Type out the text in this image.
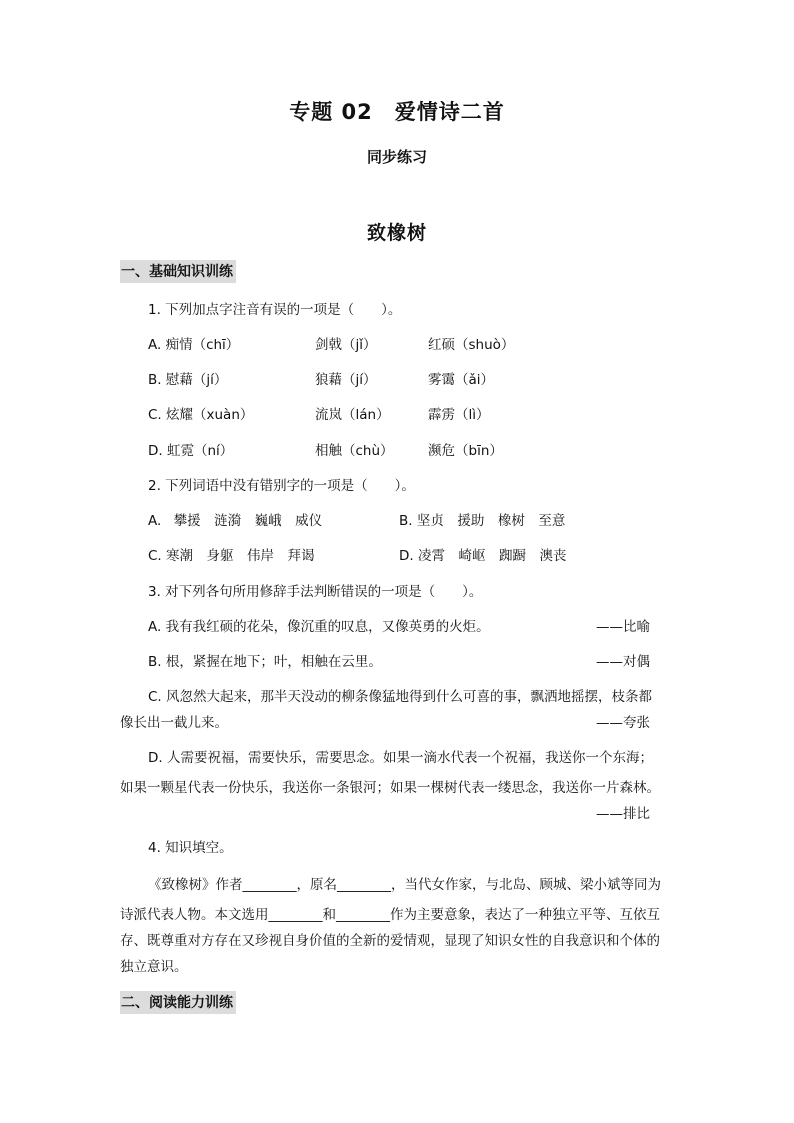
专题 02　爱情诗二首
同步练习
致橡树
一、基础知识训练
1. 下列加点字注音有误的一项是（　　）。
A. 痴情（chī）	剑戟（jǐ）	红硕（shuò）
B. 慰藉（jí）	狼藉（jí）	雾霭（ǎi）
C. 炫耀（xuàn）	流岚（lán）	霹雳（lì）
D. 虹霓（ní）	相触（chù）	濒危（bīn）
2. 下列词语中没有错别字的一项是（　　）。
A. 攀援　涟漪　巍峨　威仪	B. 坚贞　援助　橡树　至意
C. 寒潮　身躯　伟岸　拜谒	D. 凌霄　崎岖　踟蹰　澳丧
3. 对下列各句所用修辞手法判断错误的一项是（　　）。
A. 我有我红硕的花朵，像沉重的叹息，又像英勇的火炬。	——比喻
B. 根，紧握在地下；叶，相触在云里。	——对偶
C. 风忽然大起来，那半天没动的柳条像猛地得到什么可喜的事，飘洒地摇摆，枝条都
像长出一截儿来。	——夸张
D. 人需要祝福，需要快乐，需要思念。如果一滴水代表一个祝福，我送你一个东海；
如果一颗星代表一份快乐，我送你一条银河；如果一棵树代表一缕思念，我送你一片森林。
——排比
4. 知识填空。
《致橡树》作者________，原名________，当代女作家，与北岛、顾城、梁小斌等同为
诗派代表人物。本文选用________和________作为主要意象，表达了一种独立平等、互依互
存、既尊重对方存在又珍视自身价值的全新的爱情观，显现了知识女性的自我意识和个体的
独立意识。
二、阅读能力训练
